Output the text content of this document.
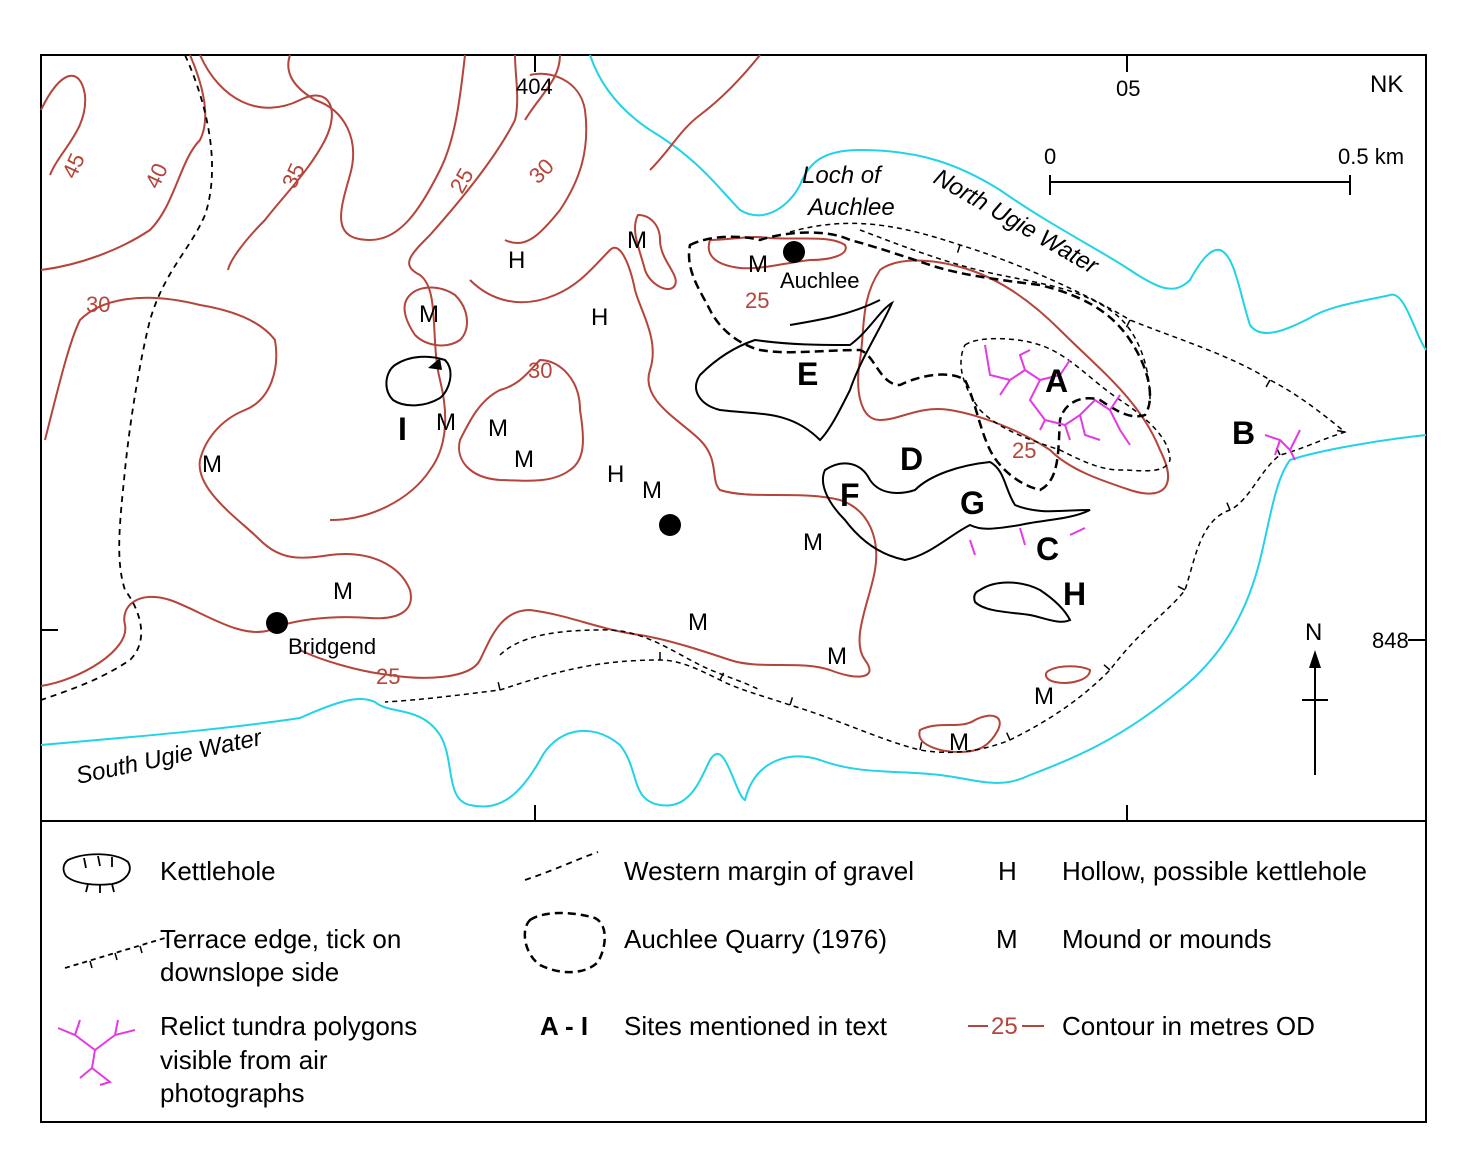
45 40	35
30
25 30
30
25
25
25
Auchlee
Bridgend
Loch of
Auchlee North Ugie Water
South Ugie Water
A
B
C
D
E
F	G
H
I
H
H
H
M
M
M
M M
M
M
M
M
M
M
M
M
M
404	05
848
NK
0	0.5 km
N
Kettlehole
Terrace edge, tick on
downslope side
Relict tundra polygons
visible from air
photographs
Western margin of gravel
Auchlee Quarry (1976)
A - I Sites mentioned in text
H Hollow, possible kettlehole
M Mound or mounds
25 Contour in metres OD
